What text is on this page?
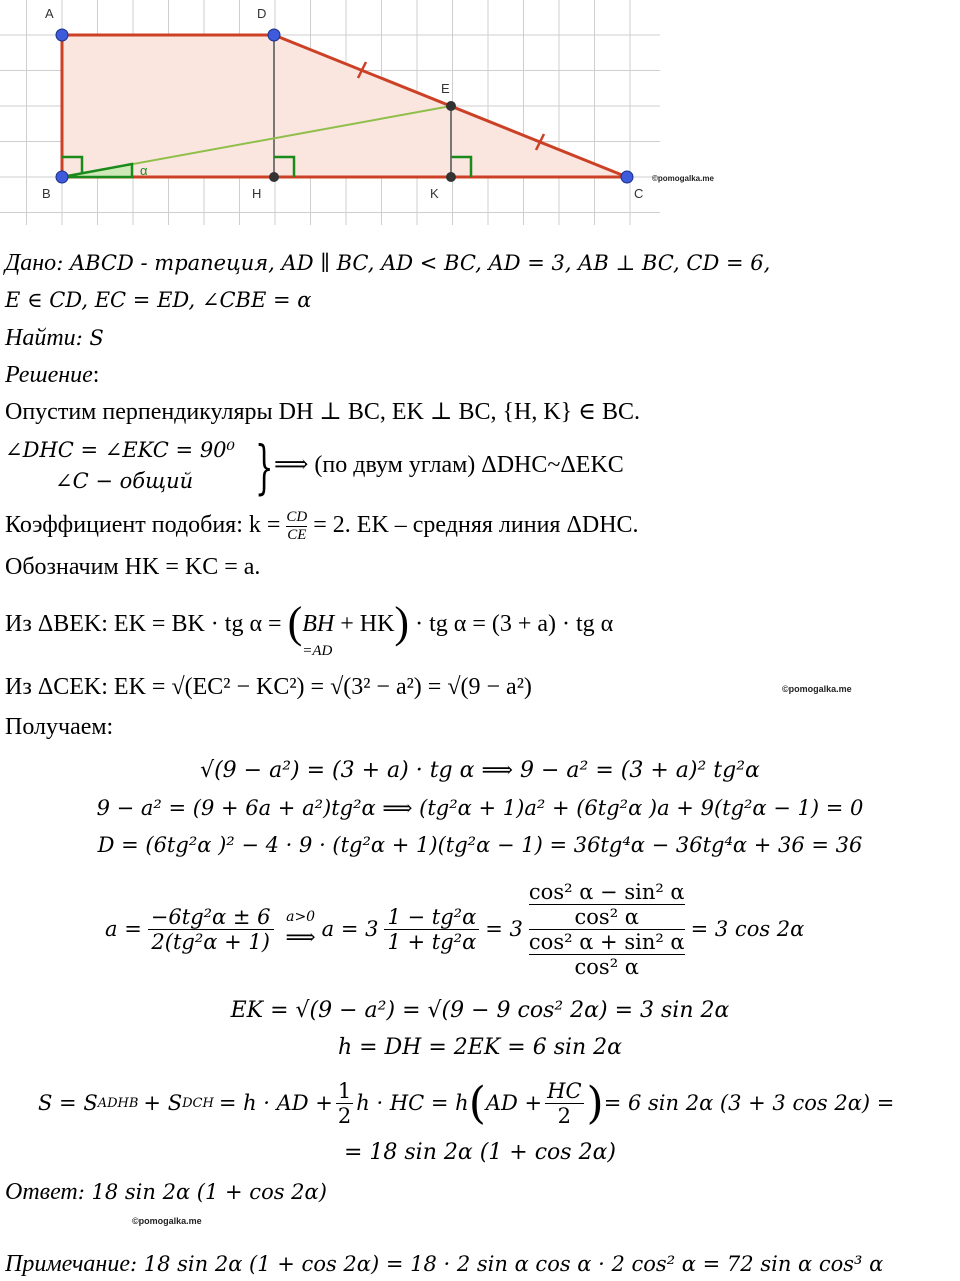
A	D
E
B	H	K	C
α
©pomogalka.me
Дано: ABCD - трапеция, AD ∥ BC, AD < BC, AD = 3, AB ⊥ BC, CD = 6,
E ∈ CD, EC = ED, ∠CBE = α
Найти: S
Решение:
Опустим перпендикуляры DH ⊥ BC, EK ⊥ BC, {H, K} ∈ BC.
∠DHC = ∠EKC = 90⁰
∠C − общий } ⟹ (по двум углам) ΔDHC~ΔEKC
Коэффициент подобия: $k = \frac{CD}{CE} = 2$. EK – средняя линия ΔDHC.
Обозначим HK = KC = a.
Из ΔBEK: EK = BK · tg α = (BH
=AD
+ HK) · tg α = (3 + a) · tg α
Из ΔCEK: EK = √(EC² − KC²) = √(3² − a²) = √(9 − a²)	©pomogalka.me
Получаем:
√(9 − a²) = (3 + a) · tg α ⟹ 9 − a² = (3 + a)² tg²α
9 − a² = (9 + 6a + a²)tg²α ⟹ (tg²α + 1)a² + (6tg²α )a + 9(tg²α − 1) = 0
D = (6tg²α )² − 4 · 9 · (tg²α + 1)(tg²α − 1) = 36tg⁴α − 36tg⁴α + 36 = 36
$a = \frac{\text{−6tg²α ± 6}}{\text{2(tg²α + 1)}} a>0$
⟹ $a = 3 \frac{\text{1 − tg²α}}{\text{1 + tg²α}} = 3$
cos² α − sin² α
cos² α
cos² α + sin² α
cos² α
= 3 cos 2α
EK = √(9 − a²) = √(9 − 9 cos² 2α) = 3 sin 2α
h = DH = 2EK = 6 sin 2α
S = S ADHB + S DCH = h · AD + $\frac{1}{2}$ h · HC = h ( AD + $\frac{HC}{2}$ ) = 6 sin 2α (3 + 3 cos 2α) =
= 18 sin 2α (1 + cos 2α)
Ответ: 18 sin 2α (1 + cos 2α)
©pomogalka.me
Примечание: 18 sin 2α (1 + cos 2α) = 18 · 2 sin α cos α · 2 cos² α = 72 sin α cos³ α
